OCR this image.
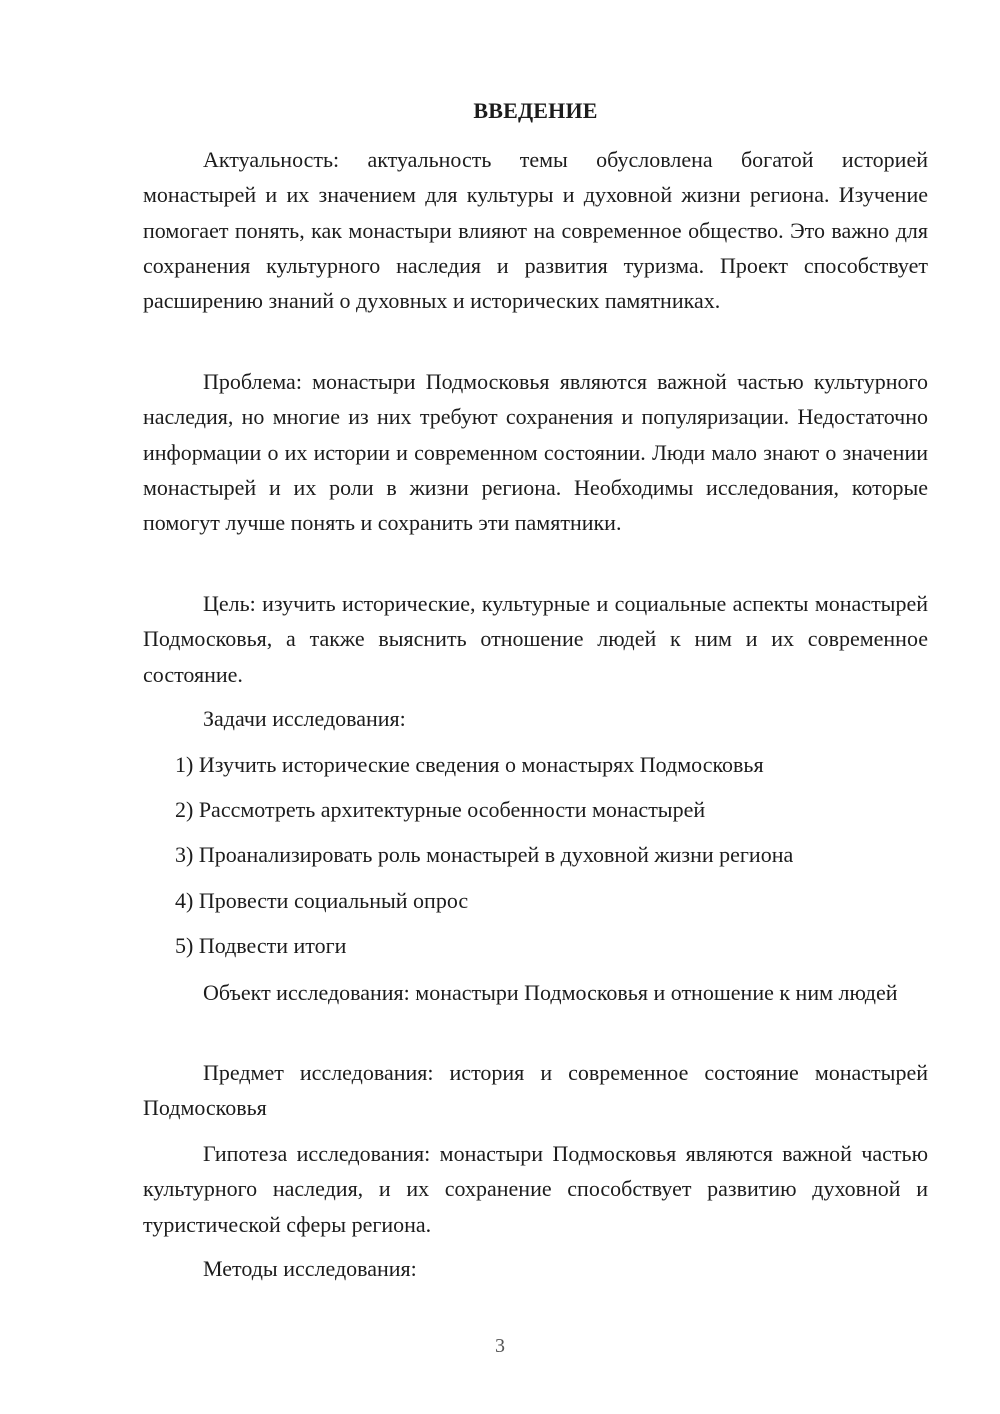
ВВЕДЕНИЕ

Актуальность: актуальность темы обусловлена богатой историей монастырей и их значением для культуры и духовной жизни региона. Изучение помогает понять, как монастыри влияют на современное общество. Это важно для сохранения культурного наследия и развития туризма. Проект способствует расширению знаний о духовных и исторических памятниках.

Проблема: монастыри Подмосковья являются важной частью культурного наследия, но многие из них требуют сохранения и популяризации. Недостаточно информации о их истории и современном состоянии. Люди мало знают о значении монастырей и их роли в жизни региона. Необходимы исследования, которые помогут лучше понять и сохранить эти памятники.

Цель: изучить исторические, культурные и социальные аспекты монастырей Подмосковья, а также выяснить отношение людей к ним и их современное состояние.

Задачи исследования:

1) Изучить исторические сведения о монастырях Подмосковья

2) Рассмотреть архитектурные особенности монастырей

3) Проанализировать роль монастырей в духовной жизни региона

4) Провести социальный опрос

5) Подвести итоги

Объект исследования: монастыри Подмосковья и отношение к ним людей

Предмет исследования: история и современное состояние монастырей Подмосковья

Гипотеза исследования: монастыри Подмосковья являются важной частью культурного наследия, и их сохранение способствует развитию духовной и туристической сферы региона.

Методы исследования:

3
